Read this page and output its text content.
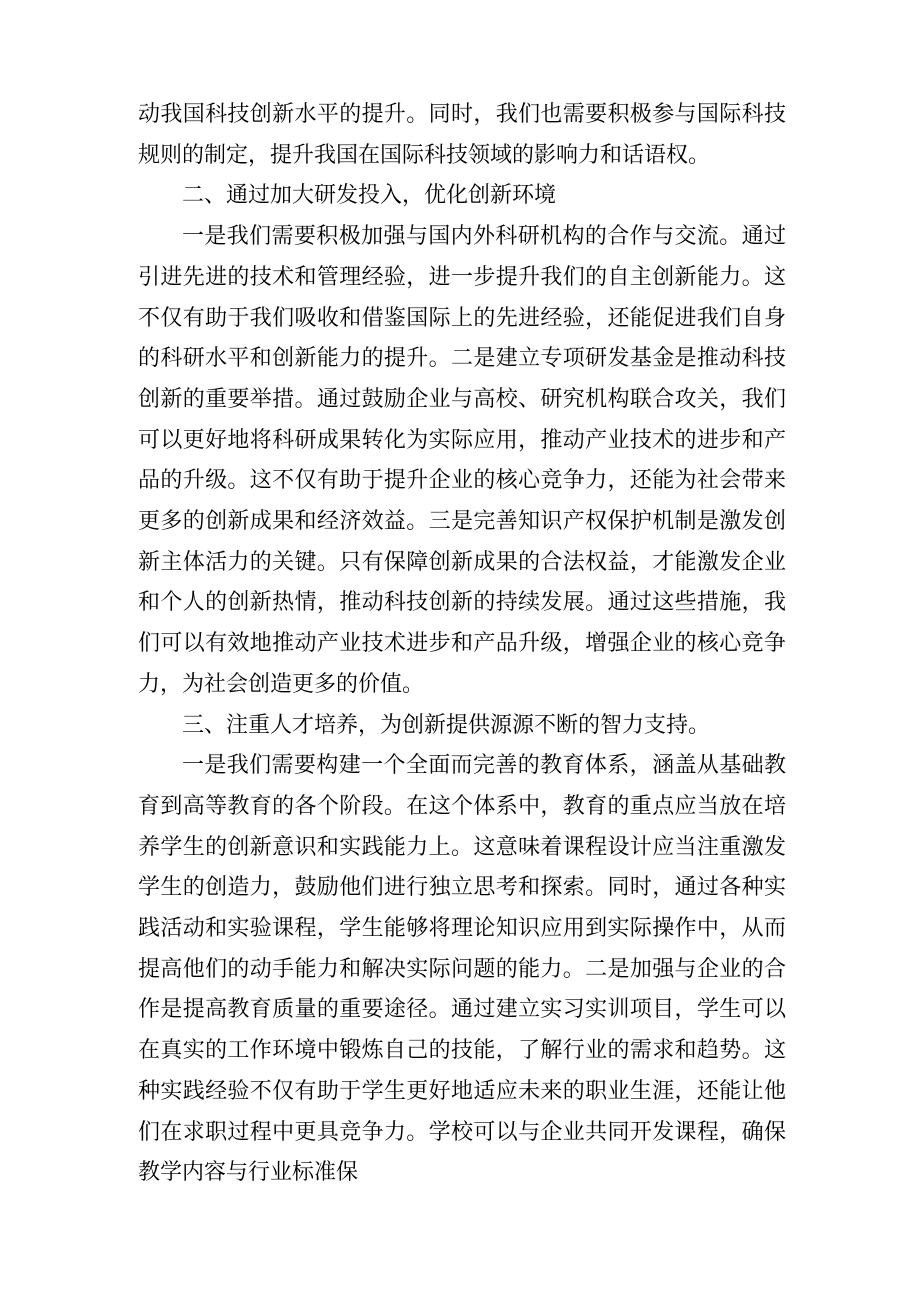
动我国科技创新水平的提升。同时，我们也需要积极参与国际科技规则的制定，提升我国在国际科技领域的影响力和话语权。

二、通过加大研发投入，优化创新环境

一是我们需要积极加强与国内外科研机构的合作与交流。通过引进先进的技术和管理经验，进一步提升我们的自主创新能力。这不仅有助于我们吸收和借鉴国际上的先进经验，还能促进我们自身的科研水平和创新能力的提升。二是建立专项研发基金是推动科技创新的重要举措。通过鼓励企业与高校、研究机构联合攻关，我们可以更好地将科研成果转化为实际应用，推动产业技术的进步和产品的升级。这不仅有助于提升企业的核心竞争力，还能为社会带来更多的创新成果和经济效益。三是完善知识产权保护机制是激发创新主体活力的关键。只有保障创新成果的合法权益，才能激发企业和个人的创新热情，推动科技创新的持续发展。通过这些措施，我们可以有效地推动产业技术进步和产品升级，增强企业的核心竞争力，为社会创造更多的价值。

三、注重人才培养，为创新提供源源不断的智力支持。

一是我们需要构建一个全面而完善的教育体系，涵盖从基础教育到高等教育的各个阶段。在这个体系中，教育的重点应当放在培养学生的创新意识和实践能力上。这意味着课程设计应当注重激发学生的创造力，鼓励他们进行独立思考和探索。同时，通过各种实践活动和实验课程，学生能够将理论知识应用到实际操作中，从而提高他们的动手能力和解决实际问题的能力。二是加强与企业的合作是提高教育质量的重要途径。通过建立实习实训项目，学生可以在真实的工作环境中锻炼自己的技能，了解行业的需求和趋势。这种实践经验不仅有助于学生更好地适应未来的职业生涯，还能让他们在求职过程中更具竞争力。学校可以与企业共同开发课程，确保教学内容与行业标准保
